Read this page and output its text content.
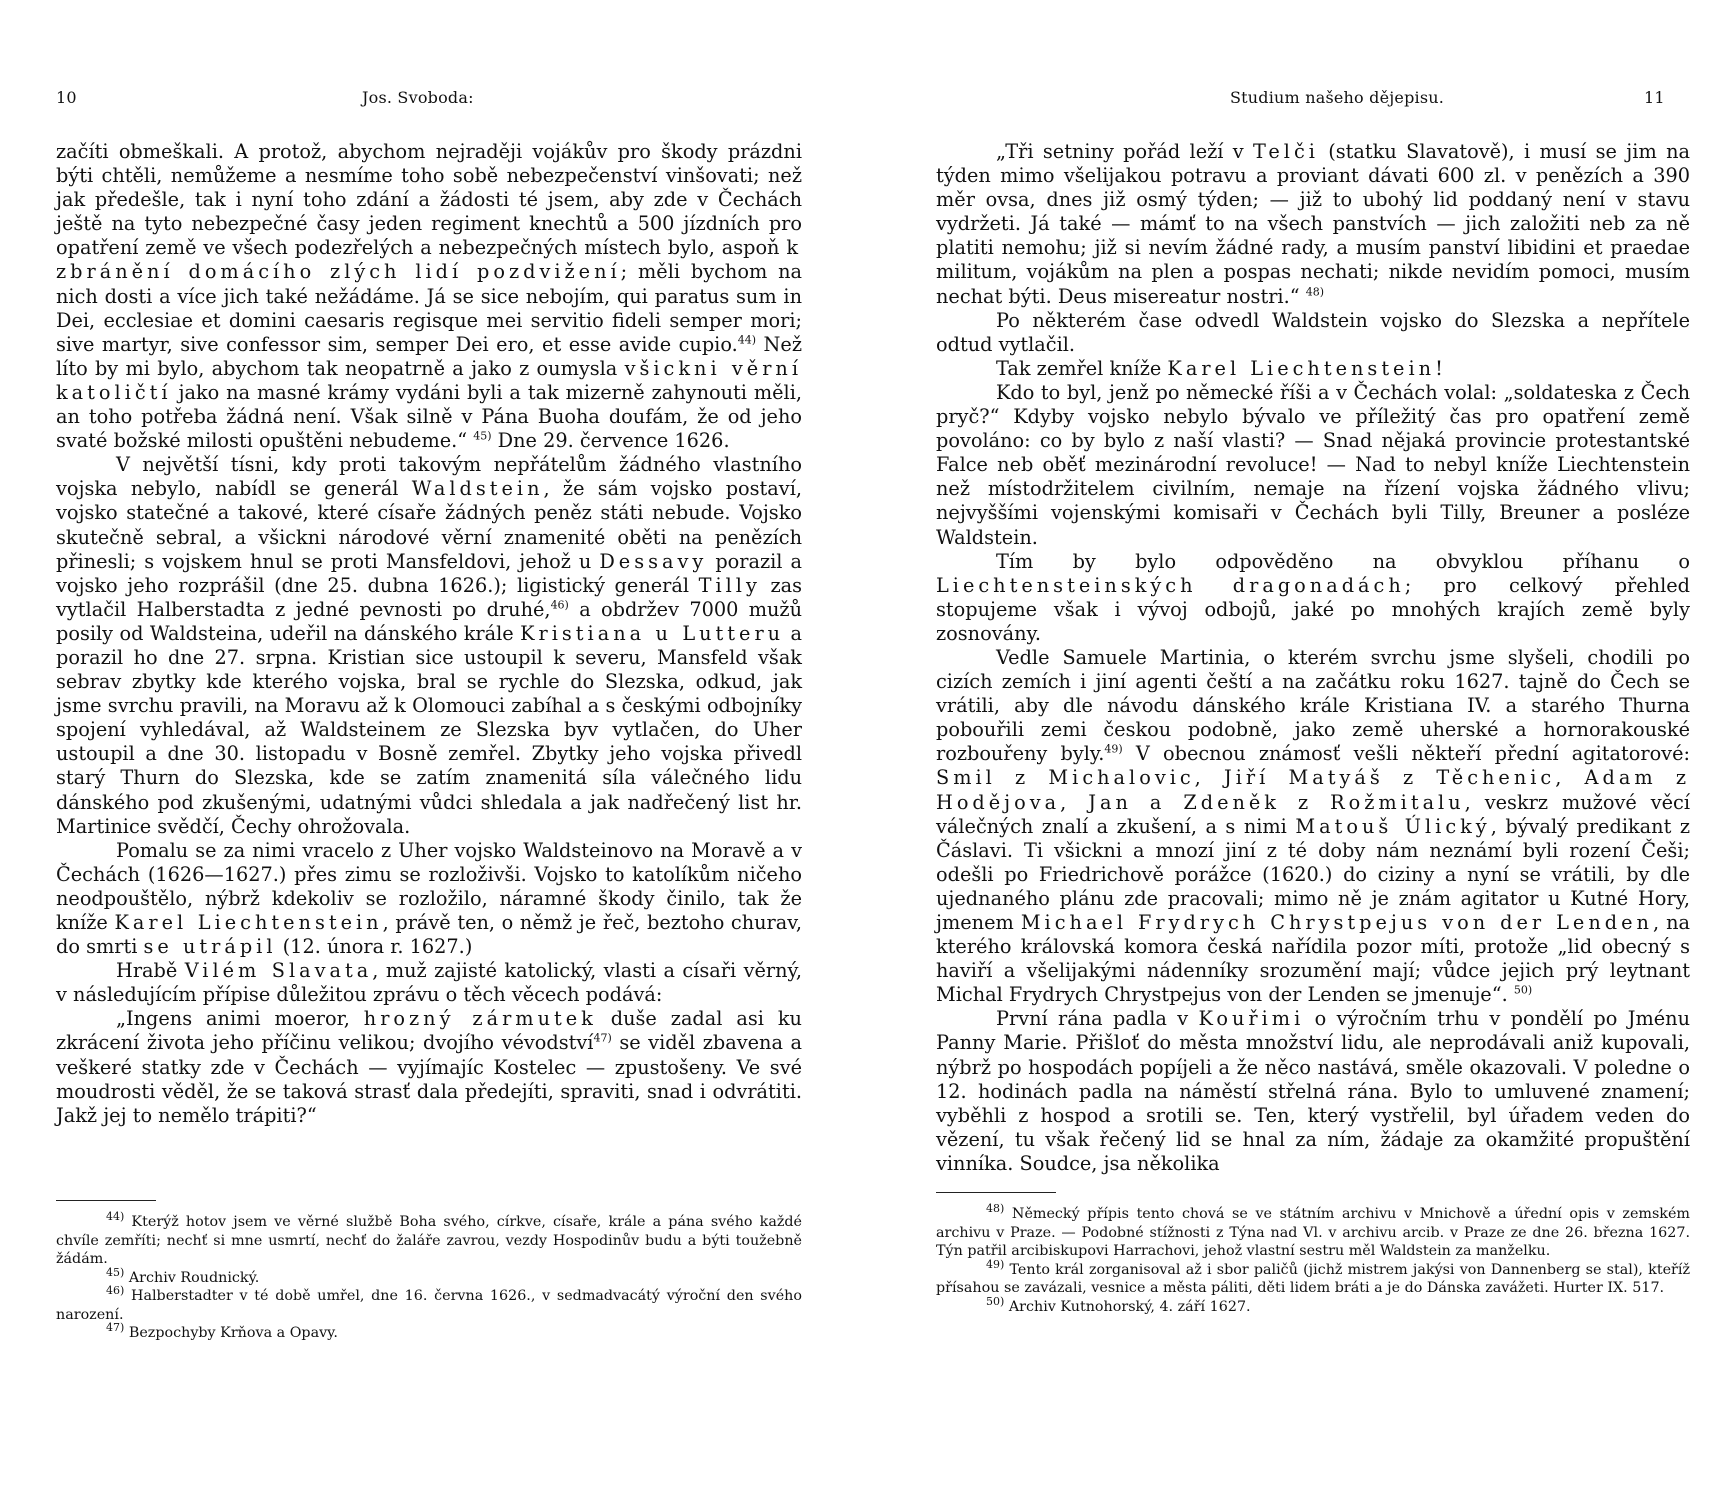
10	Jos. Svoboda:

začíti obmeškali. A protož, abychom nejraději vojákův pro škody prázdni býti chtěli, nemůžeme a nesmíme toho sobě nebezpečenství vinšovati; než jak předešle, tak i nyní toho zdání a žádosti té jsem, aby zde v Čechách ještě na tyto nebezpečné časy jeden regiment knechtů a 500 jízdních pro opatření země ve všech podezřelých a nebezpečných místech bylo, aspoň k zbránění domácího zlých lidí pozdvižení; měli bychom na nich dosti a více jich také nežádáme. Já se sice nebojím, qui paratus sum in Dei, ecclesiae et domini caesaris regisque mei servitio fideli semper mori; sive martyr, sive confessor sim, semper Dei ero, et esse avide cupio.$^{44)}$ Než líto by mi bylo, abychom tak neopatrně a jako z oumysla všickni věrní katoličtí jako na masné krámy vydáni byli a tak mizerně zahynouti měli, an toho potřeba žádná není. Však silně v Pána Buoha doufám, že od jeho svaté božské milosti opuštěni nebudeme.“ $^{45)}$ Dne 29. července 1626.

V největší tísni, kdy proti takovým nepřátelům žádného vlastního vojska nebylo, nabídl se generál Waldstein, že sám vojsko postaví, vojsko statečné a takové, které císaře žádných peněz státi nebude. Vojsko skutečně sebral, a všickni národové věrní znamenité oběti na penězích přinesli; s vojskem hnul se proti Mansfeldovi, jehož u Dessavy porazil a vojsko jeho rozprášil (dne 25. dubna 1626.); ligistický generál Tilly zas vytlačil Halberstadta z jedné pevnosti po druhé,$^{46)}$ a obdržev 7000 mužů posily od Waldsteina, udeřil na dánského krále Kristiana u Lutteru a porazil ho dne 27. srpna. Kristian sice ustoupil k severu, Mansfeld však sebrav zbytky kde kterého vojska, bral se rychle do Slezska, odkud, jak jsme svrchu pravili, na Moravu až k Olomouci zabíhal a s českými odbojníky spojení vyhledával, až Waldsteinem ze Slezska byv vytlačen, do Uher ustoupil a dne 30. listopadu v Bosně zemřel. Zbytky jeho vojska přivedl starý Thurn do Slezska, kde se zatím znamenitá síla válečného lidu dánského pod zkušenými, udatnými vůdci shledala a jak nadřečený list hr. Martinice svědčí, Čechy ohrožovala.

Pomalu se za nimi vracelo z Uher vojsko Waldsteinovo na Moravě a v Čechách (1626—1627.) přes zimu se rozloživši. Vojsko to katolíkům ničeho neodpouštělo, nýbrž kdekoliv se rozložilo, náramné škody činilo, tak že kníže Karel Liechtenstein, právě ten, o němž je řeč, beztoho churav, do smrti se utrápil (12. února r. 1627.)

Hrabě Vilém Slavata, muž zajisté katolický, vlasti a císaři věrný, v následujícím přípise důležitou zprávu o těch věcech podává:

„Ingens animi moeror, hrozný zármutek duše zadal asi ku zkrácení života jeho příčinu velikou; dvojího vévodství$^{47)}$ se viděl zbavena a veškeré statky zde v Čechách — vyjímajíc Kostelec — zpustošeny. Ve své moudrosti věděl, že se taková strasť dala předejíti, spraviti, snad i odvrátiti. Jakž jej to nemělo trápiti?“

$^{44)}$ Kterýž hotov jsem ve věrné službě Boha svého, církve, císaře, krále a pána svého každé chvíle zemříti; nechť si mne usmrtí, nechť do žaláře zavrou, vezdy Hospodinův budu a býti toužebně žádám.

$^{45)}$ Archiv Roudnický.

$^{46)}$ Halberstadter v té době umřel, dne 16. června 1626., v sedmadvacátý výroční den svého narození.

$^{47)}$ Bezpochyby Krňova a Opavy.

Studium našeho dějepisu.	11

„Tři setniny pořád leží v Telči (statku Slavatově), i musí se jim na týden mimo všelijakou potravu a proviant dávati 600 zl. v penězích a 390 měr ovsa, dnes již osmý týden; — již to ubohý lid poddaný není v stavu vydržeti. Já také — mámť to na všech panstvích — jich založiti neb za ně platiti nemohu; již si nevím žádné rady, a musím panství libidini et praedae militum, vojákům na plen a pospas nechati; nikde nevidím pomoci, musím nechat býti. Deus misereatur nostri.“ $^{48)}$

Po některém čase odvedl Waldstein vojsko do Slezska a nepřítele odtud vytlačil.

Tak zemřel kníže Karel Liechtenstein!

Kdo to byl, jenž po německé říši a v Čechách volal: „soldateska z Čech pryč?“ Kdyby vojsko nebylo bývalo ve příležitý čas pro opatření země povoláno: co by bylo z naší vlasti? — Snad nějaká provincie protestantské Falce neb oběť mezinárodní revoluce! — Nad to nebyl kníže Liechtenstein než místodržitelem civilním, nemaje na řízení vojska žádného vlivu; nejvyššími vojenskými komisaři v Čechách byli Tilly, Breuner a posléze Waldstein.

Tím by bylo odpověděno na obvyklou příhanu o Liechtensteinských dragonadách; pro celkový přehled stopujeme však i vývoj odbojů, jaké po mnohých krajích země byly zosnovány.

Vedle Samuele Martinia, o kterém svrchu jsme slyšeli, chodili po cizích zemích i jiní agenti čeští a na začátku roku 1627. tajně do Čech se vrátili, aby dle návodu dánského krále Kristiana IV. a starého Thurna pobouřili zemi českou podobně, jako země uherské a hornorakouské rozbouřeny byly.$^{49)}$ V obecnou známosť vešli někteří přední agitatorové: Smil z Michalovic, Jiří Matyáš z Těchenic, Adam z Hodějova, Jan a Zdeněk z Rožmitalu, veskrz mužové věcí válečných znalí a zkušení, a s nimi Matouš Úlický, bývalý predikant z Čáslavi. Ti všickni a mnozí jiní z té doby nám neznámí byli rození Češi; odešli po Friedrichově porážce (1620.) do ciziny a nyní se vrátili, by dle ujednaného plánu zde pracovali; mimo ně je znám agitator u Kutné Hory, jmenem Michael Frydrych Chrystpejus von der Lenden, na kterého královská komora česká nařídila pozor míti, protože „lid obecný s haviří a všelijakými nádenníky srozumění mají; vůdce jejich prý leytnant Michal Frydrych Chrystpejus von der Lenden se jmenuje“. $^{50)}$

První rána padla v Kouřimi o výročním trhu v pondělí po Jménu Panny Marie. Přišloť do města množství lidu, ale neprodávali aniž kupovali, nýbrž po hospodách popíjeli a že něco nastává, směle okazovali. V poledne o 12. hodinách padla na náměstí střelná rána. Bylo to umluvené znamení; vyběhli z hospod a srotili se. Ten, který vystřelil, byl úřadem veden do vězení, tu však řečený lid se hnal za ním, žádaje za okamžité propuštění vinníka. Soudce, jsa několika

$^{48)}$ Německý přípis tento chová se ve státním archivu v Mnichově a úřední opis v zemském archivu v Praze. — Podobné stížnosti z Týna nad Vl. v archivu arcib. v Praze ze dne 26. března 1627. Týn patřil arcibiskupovi Harrachovi, jehož vlastní sestru měl Waldstein za manželku.

$^{49)}$ Tento král zorganisoval až i sbor paličů (jichž mistrem jakýsi von Dannenberg se stal), kteříž přísahou se zavázali, vesnice a města páliti, děti lidem bráti a je do Dánska zavážeti. Hurter IX. 517.

$^{50)}$ Archiv Kutnohorský, 4. září 1627.
